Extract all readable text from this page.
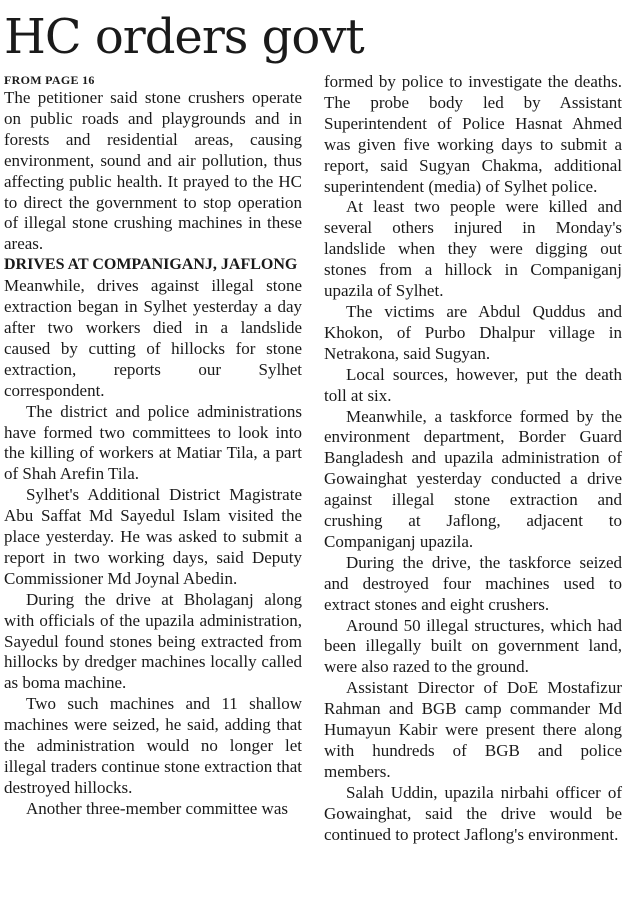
HC orders govt
FROM PAGE 16

The petitioner said stone crushers operate on public roads and playgrounds and in forests and residential areas, causing environment, sound and air pollution, thus affecting public health. It prayed to the HC to direct the government to stop operation of illegal stone crushing machines in these areas.

DRIVES AT COMPANIGANJ, JAFLONG

Meanwhile, drives against illegal stone extraction began in Sylhet yesterday a day after two workers died in a landslide caused by cutting of hillocks for stone extraction, reports our Sylhet correspondent.

The district and police administrations have formed two committees to look into the killing of workers at Matiar Tila, a part of Shah Arefin Tila.

Sylhet's Additional District Magistrate Abu Saffat Md Sayedul Islam visited the place yesterday. He was asked to submit a report in two working days, said Deputy Commissioner Md Joynal Abedin.

During the drive at Bholaganj along with officials of the upazila administration, Sayedul found stones being extracted from hillocks by dredger machines locally called as boma machine.

Two such machines and 11 shallow machines were seized, he said, adding that the administration would no longer let illegal traders continue stone extraction that destroyed hillocks.

Another three-member committee was

formed by police to investigate the deaths. The probe body led by Assistant Superintendent of Police Hasnat Ahmed was given five working days to submit a report, said Sugyan Chakma, additional superintendent (media) of Sylhet police.

At least two people were killed and several others injured in Monday's landslide when they were digging out stones from a hillock in Companiganj upazila of Sylhet.

The victims are Abdul Quddus and Khokon, of Purbo Dhalpur village in Netrakona, said Sugyan.

Local sources, however, put the death toll at six.

Meanwhile, a taskforce formed by the environment department, Border Guard Bangladesh and upazila administration of Gowainghat yesterday conducted a drive against illegal stone extraction and crushing at Jaflong, adjacent to Companiganj upazila.

During the drive, the taskforce seized and destroyed four machines used to extract stones and eight crushers.

Around 50 illegal structures, which had been illegally built on government land, were also razed to the ground.

Assistant Director of DoE Mostafizur Rahman and BGB camp commander Md Humayun Kabir were present there along with hundreds of BGB and police members.

Salah Uddin, upazila nirbahi officer of Gowainghat, said the drive would be continued to protect Jaflong's environment.
